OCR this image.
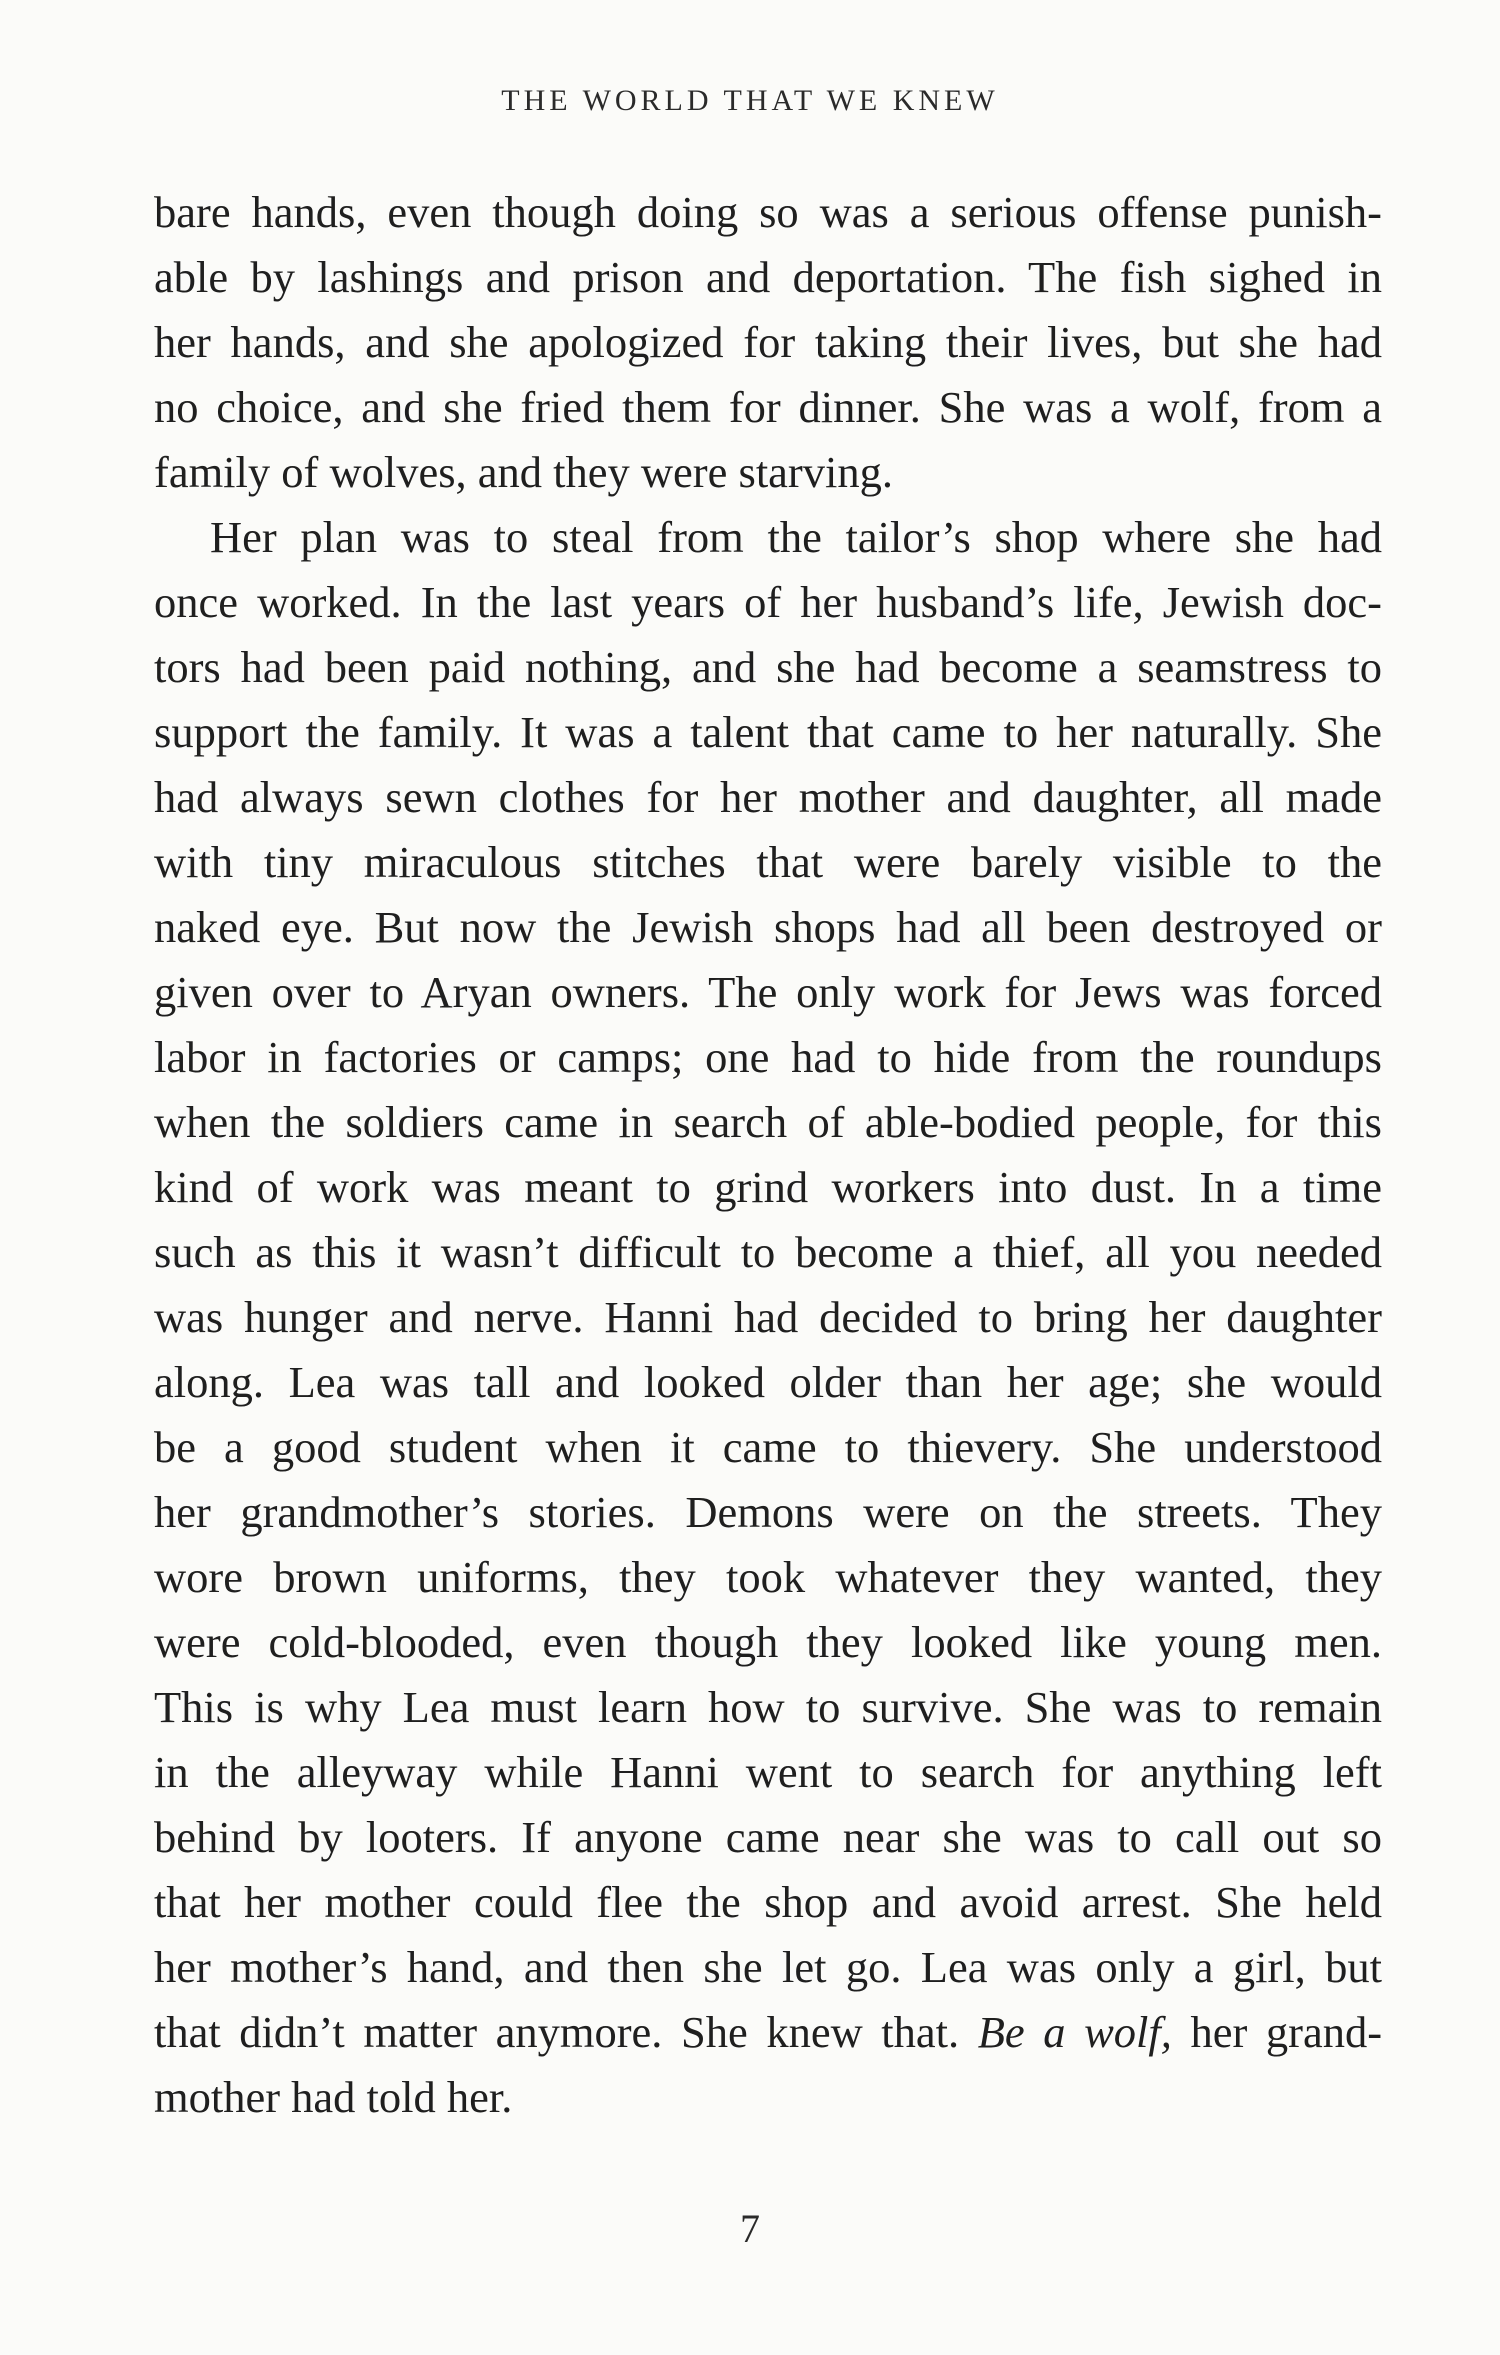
THE WORLD THAT WE KNEW
bare hands, even though doing so was a serious offense punish-
able by lashings and prison and deportation. The fish sighed in
her hands, and she apologized for taking their lives, but she had
no choice, and she fried them for dinner. She was a wolf, from a
family of wolves, and they were starving.
Her plan was to steal from the tailor’s shop where she had
once worked. In the last years of her husband’s life, Jewish doc-
tors had been paid nothing, and she had become a seamstress to
support the family. It was a talent that came to her naturally. She
had always sewn clothes for her mother and daughter, all made
with tiny miraculous stitches that were barely visible to the
naked eye. But now the Jewish shops had all been destroyed or
given over to Aryan owners. The only work for Jews was forced
labor in factories or camps; one had to hide from the roundups
when the soldiers came in search of able-bodied people, for this
kind of work was meant to grind workers into dust. In a time
such as this it wasn’t difficult to become a thief, all you needed
was hunger and nerve. Hanni had decided to bring her daughter
along. Lea was tall and looked older than her age; she would
be a good student when it came to thievery. She understood
her grandmother’s stories. Demons were on the streets. They
wore brown uniforms, they took whatever they wanted, they
were cold-blooded, even though they looked like young men.
This is why Lea must learn how to survive. She was to remain
in the alleyway while Hanni went to search for anything left
behind by looters. If anyone came near she was to call out so
that her mother could flee the shop and avoid arrest. She held
her mother’s hand, and then she let go. Lea was only a girl, but
that didn’t matter anymore. She knew that. Be a wolf, her grand-
mother had told her.
7
